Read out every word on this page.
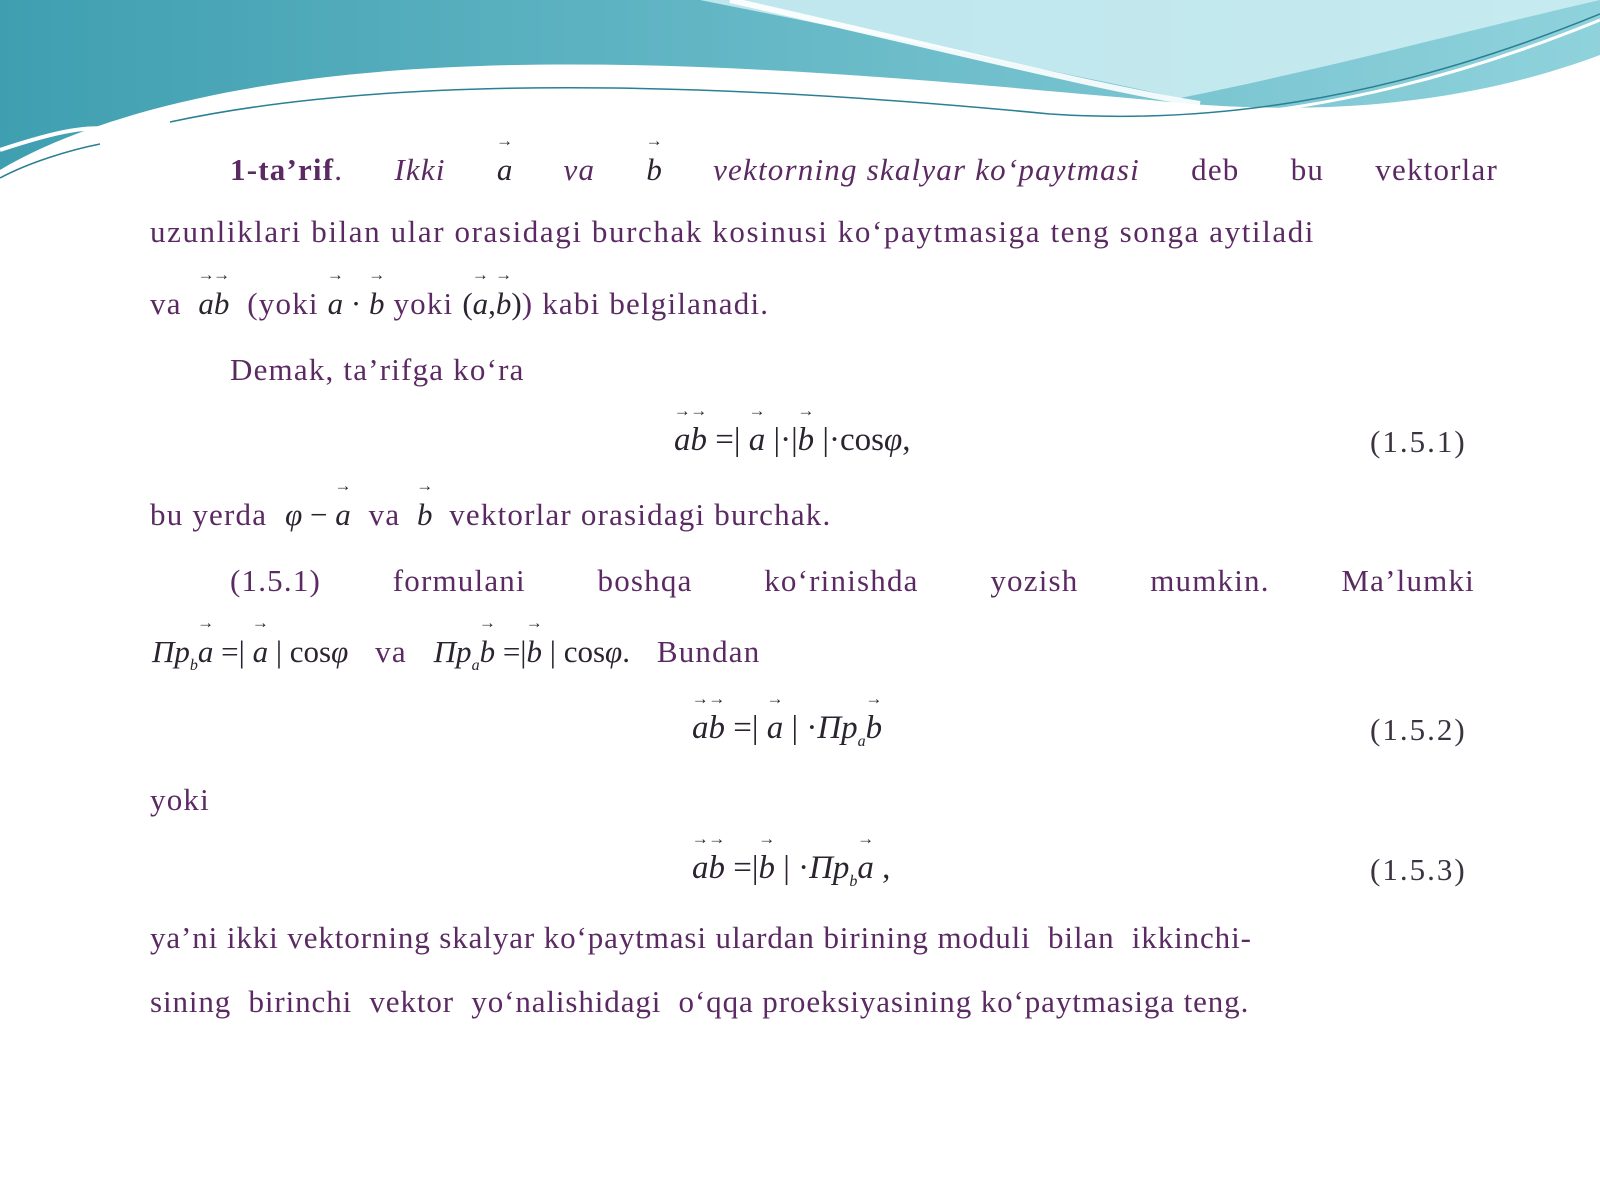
1-ta’rif. Ikki → a va → b vektorning skalyar ko‘paytmasi deb bu vektorlar
uzunliklari bilan ular orasidagi burchak kosinusi ko‘paytmasiga teng songa aytiladi
va → a→ b (yoki → a · → b yoki (→ a,→ b)) kabi belgilanadi.
Demak, ta’rifga ko‘ra
→ a→ b =| → a |·|→ b |·cosφ,	(1.5.1)
bu yerda φ − → a va → b vektorlar orasidagi burchak.
(1.5.1) formulani boshqa ko‘rinishda yozish mumkin. Ma’lumki
$\Pi p_b\to a$ =| → a | cosφ va $\Pi p_a\to b$ =|→ b | cosφ. Bundan
→ a→ b =| → a | $\cdot\Pi p_a\to b$	(1.5.2)
yoki
→ a→ b =|→ b | $\cdot\Pi p_b\to a$ ,	(1.5.3)
ya’ni ikki vektorning skalyar ko‘paytmasi ulardan birining moduli  bilan  ikkinchi-
sining  birinchi  vektor  yo‘nalishidagi  o‘qqa proeksiyasining ko‘paytmasiga teng.
